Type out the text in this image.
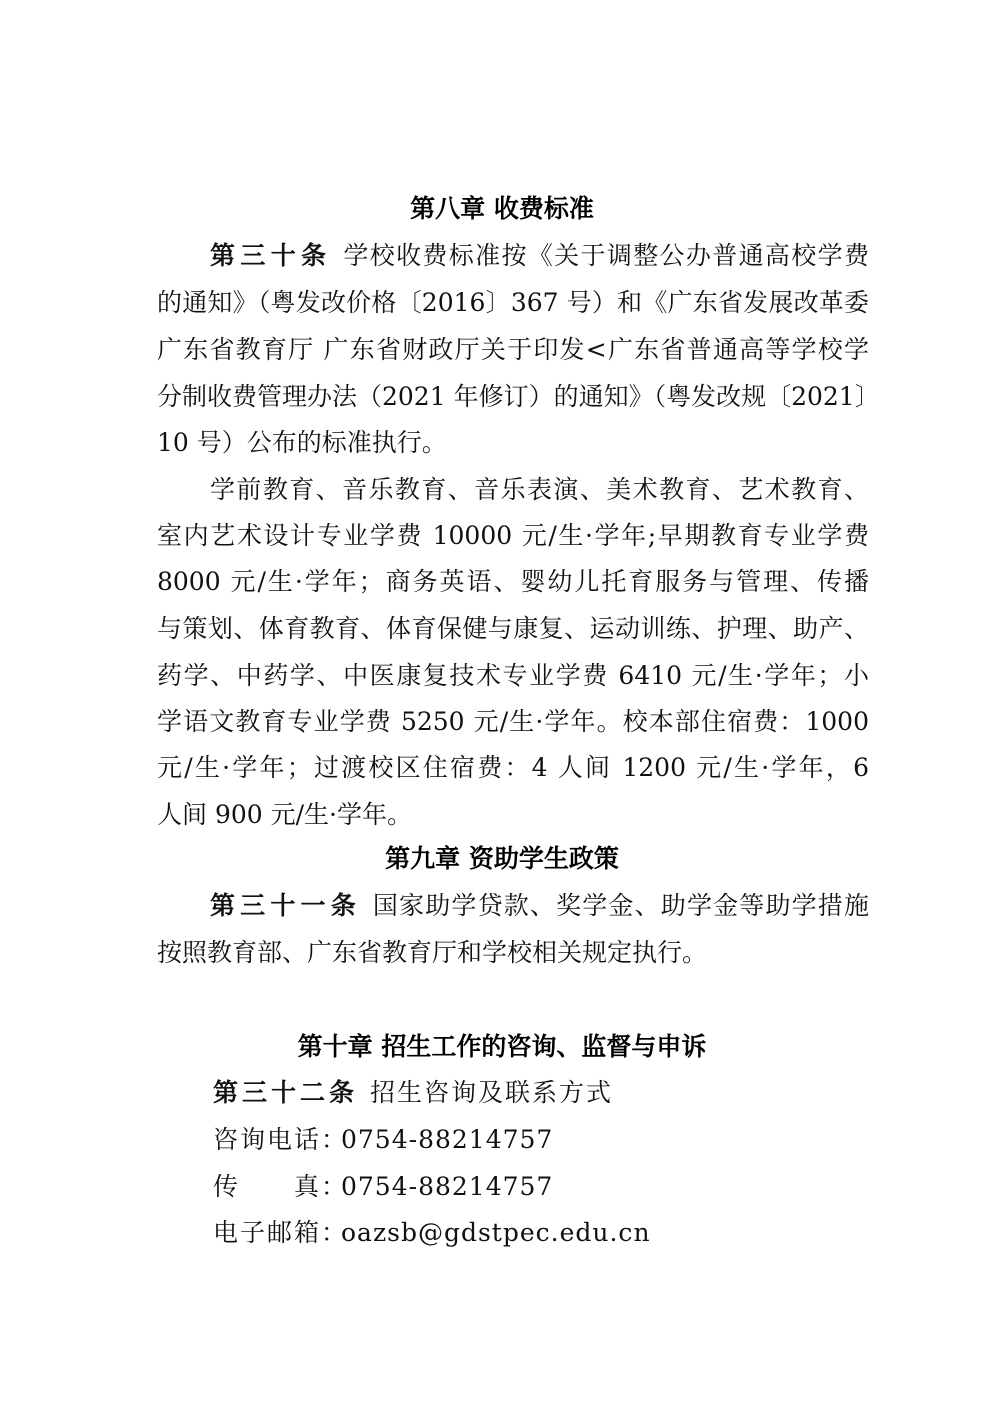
第八章 收费标准
第三十条 学校收费标准按《关于调整公办普通高校学费
的通知》（粤发改价格〔2016〕367 号）和《广东省发展改革委
广东省教育厅 广东省财政厅关于印发<广东省普通高等学校学
分制收费管理办法（2021 年修订）的通知》（粤发改规〔2021〕
10 号）公布的标准执行。
学前教育、音乐教育、音乐表演、美术教育、艺术教育、
室内艺术设计专业学费 10000 元/生·学年;早期教育专业学费
8000 元/生·学年；商务英语、婴幼儿托育服务与管理、传播
与策划、体育教育、体育保健与康复、运动训练、护理、助产、
药学、中药学、中医康复技术专业学费 6410 元/生·学年；小
学语文教育专业学费 5250 元/生·学年。校本部住宿费：1000
元/生·学年；过渡校区住宿费：4 人间 1200 元/生·学年，6
人间 900 元/生·学年。
第九章 资助学生政策
第三十一条 国家助学贷款、奖学金、助学金等助学措施
按照教育部、广东省教育厅和学校相关规定执行。
第十章 招生工作的咨询、监督与申诉
第三十二条 招生咨询及联系方式
咨询电话：0754-88214757
传　　真：0754-88214757
电子邮箱：oazsb@gdstpec.edu.cn
